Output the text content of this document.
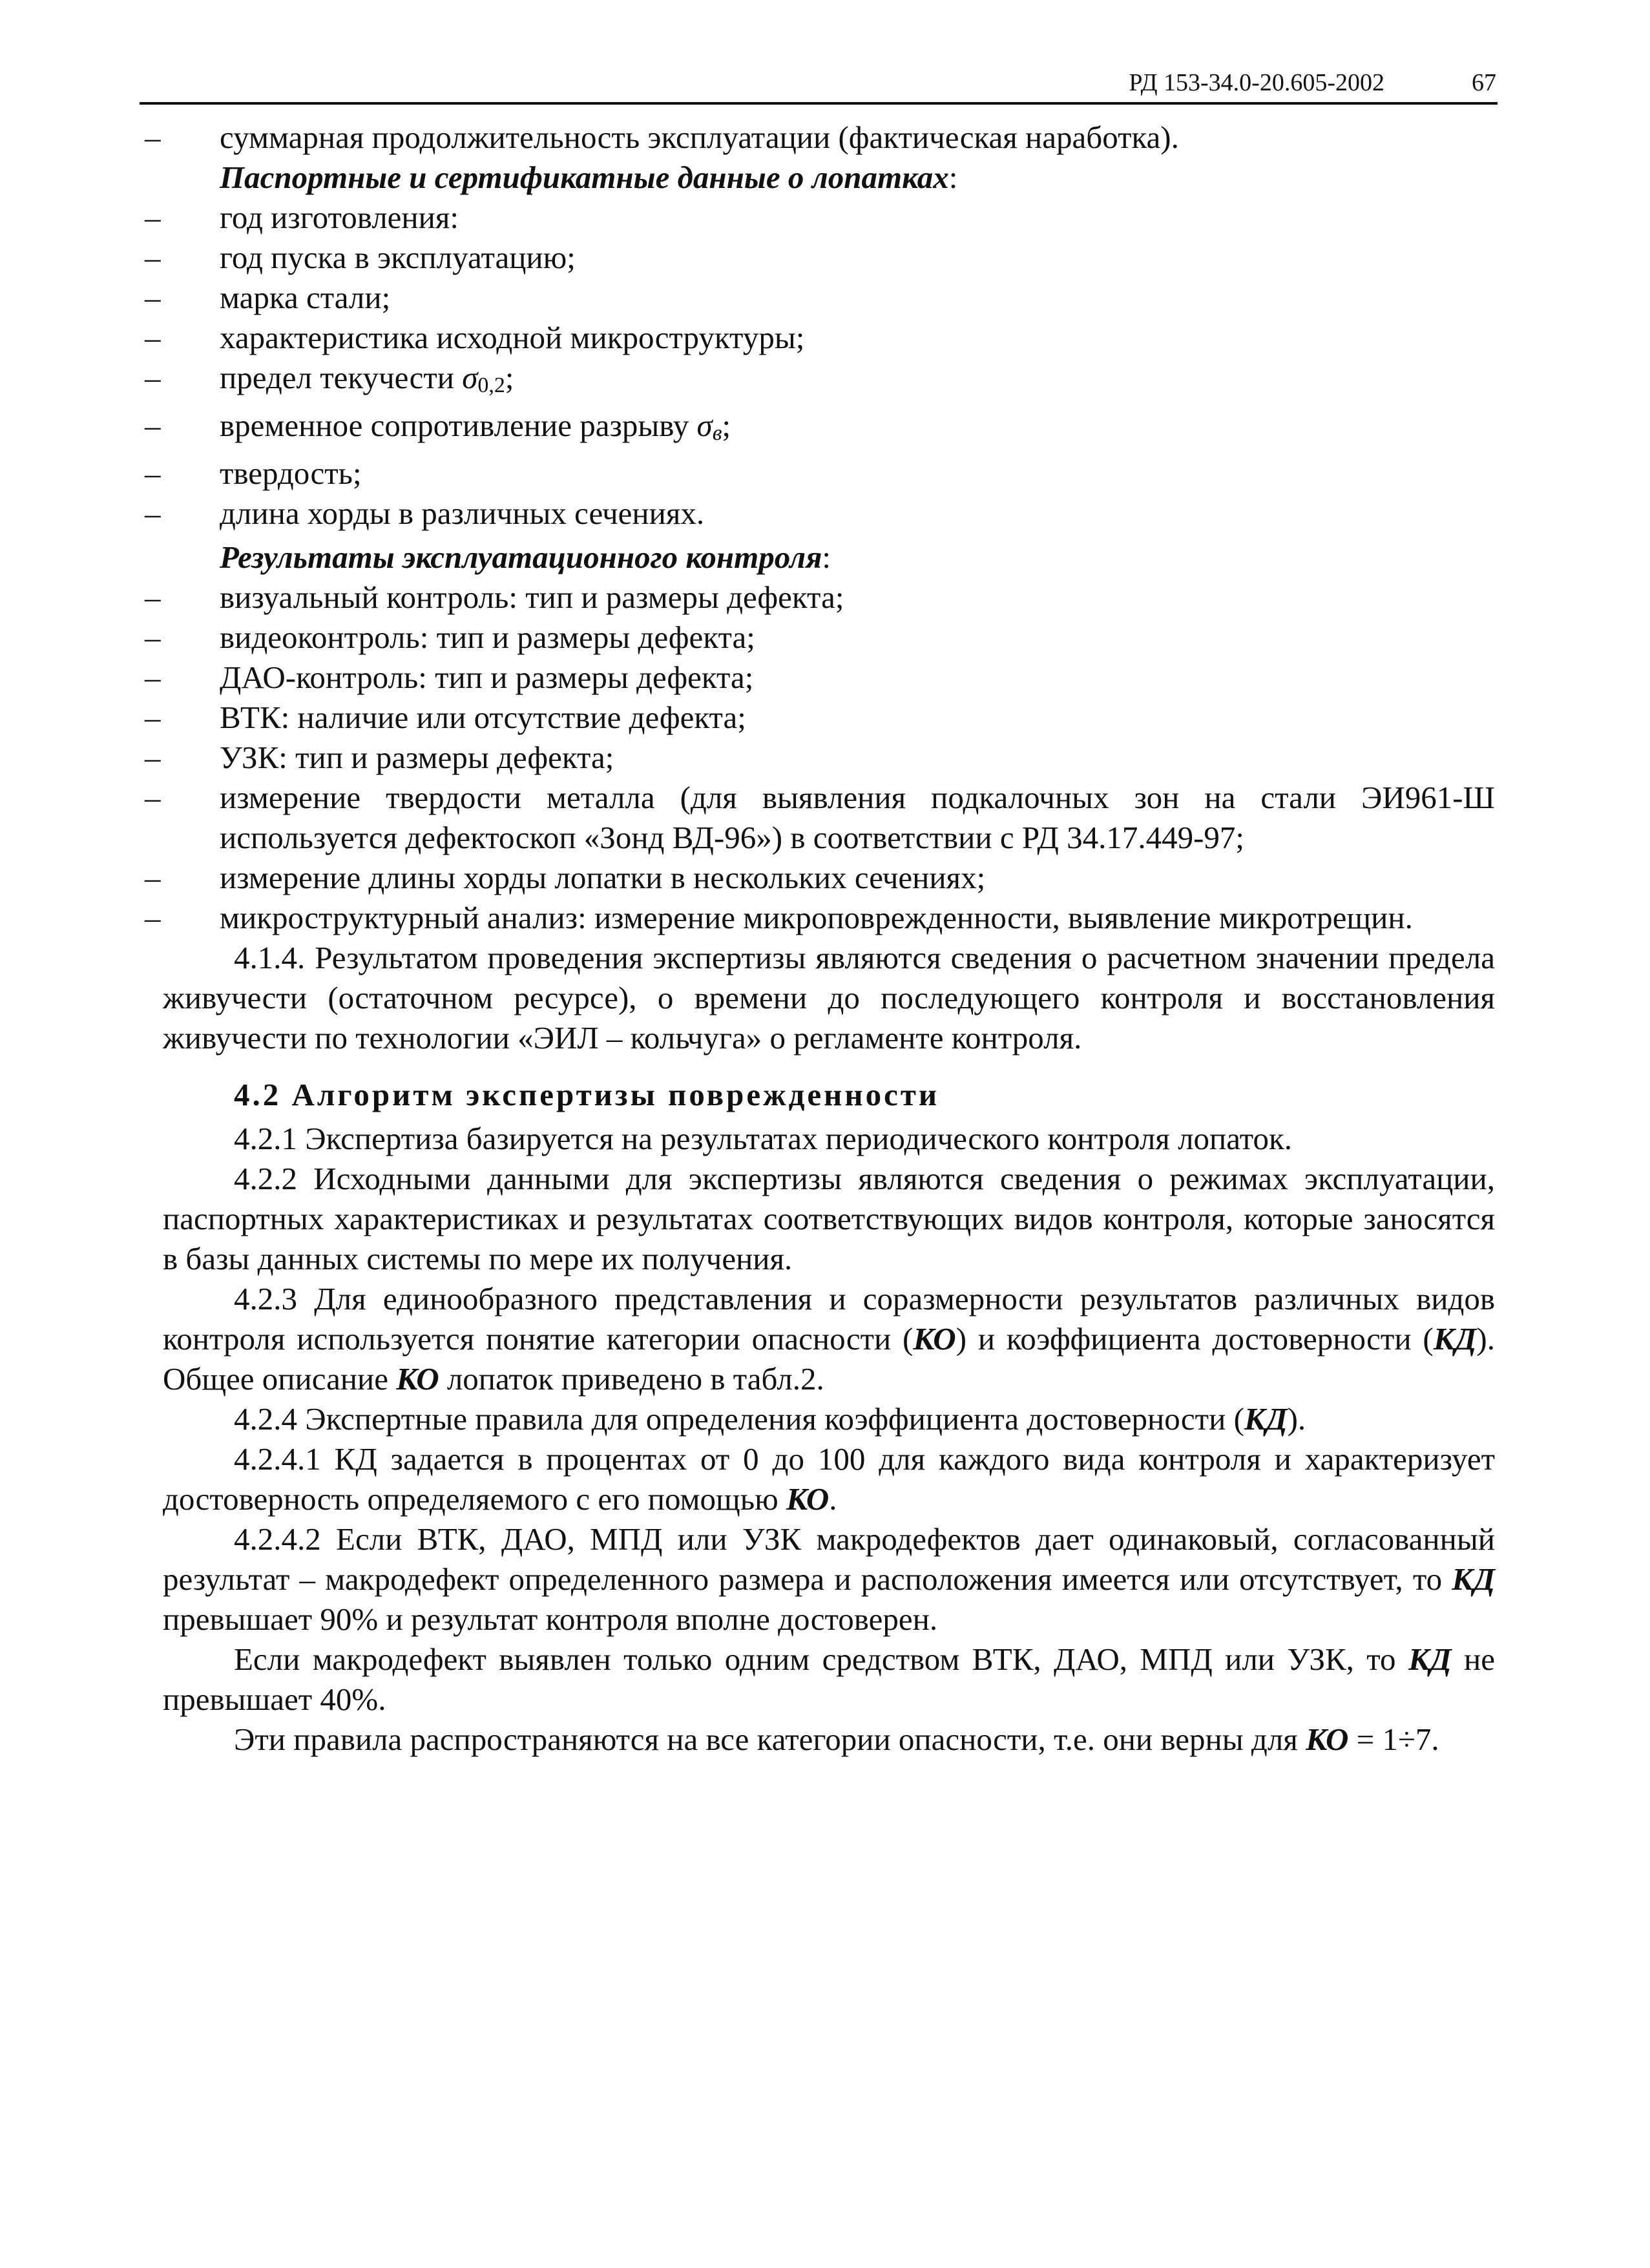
РД 153-34.0-20.605-2002	67
– суммарная продолжительность эксплуатации (фактическая наработка).
Паспортные и сертификатные данные о лопатках:
– год изготовления:
– год пуска в эксплуатацию;
– марка стали;
– характеристика исходной микроструктуры;
– предел текучести σ0,2;
– временное сопротивление разрыву σв;
– твердость;
– длина хорды в различных сечениях.
Результаты эксплуатационного контроля:
– визуальный контроль: тип и размеры дефекта;
– видеоконтроль: тип и размеры дефекта;
– ДАО-контроль: тип и размеры дефекта;
– ВТК: наличие или отсутствие дефекта;
– УЗК: тип и размеры дефекта;
– измерение твердости металла (для выявления подкалочных зон на стали ЭИ961-Ш используется дефектоскоп «Зонд ВД-96») в соответствии с РД 34.17.449-97;
– измерение длины хорды лопатки в нескольких сечениях;
– микроструктурный анализ: измерение микроповрежденности, выявление микротрещин.
4.1.4. Результатом проведения экспертизы являются сведения о расчетном значении предела живучести (остаточном ресурсе), о времени до последующего контроля и восстановления живучести по технологии «ЭИЛ – кольчуга» о регламенте контроля.
4.2 Алгоритм экспертизы поврежденности
4.2.1 Экспертиза базируется на результатах периодического контроля лопаток.
4.2.2 Исходными данными для экспертизы являются сведения о режимах эксплуатации, паспортных характеристиках и результатах соответствующих видов контроля, которые заносятся в базы данных системы по мере их получения.
4.2.3 Для единообразного представления и соразмерности результатов различных видов контроля используется понятие категории опасности (КО) и коэффициента достоверности (КД). Общее описание КО лопаток приведено в табл.2.
4.2.4 Экспертные правила для определения коэффициента достоверности (КД).
4.2.4.1 КД задается в процентах от 0 до 100 для каждого вида контроля и характеризует достоверность определяемого с его помощью КО.
4.2.4.2 Если ВТК, ДАО, МПД или УЗК макродефектов дает одинаковый, согласованный результат – макродефект определенного размера и расположения имеется или отсутствует, то КД превышает 90% и результат контроля вполне достоверен.
Если макродефект выявлен только одним средством ВТК, ДАО, МПД или УЗК, то КД не превышает 40%.
Эти правила распространяются на все категории опасности, т.е. они верны для КО = 1÷7.
